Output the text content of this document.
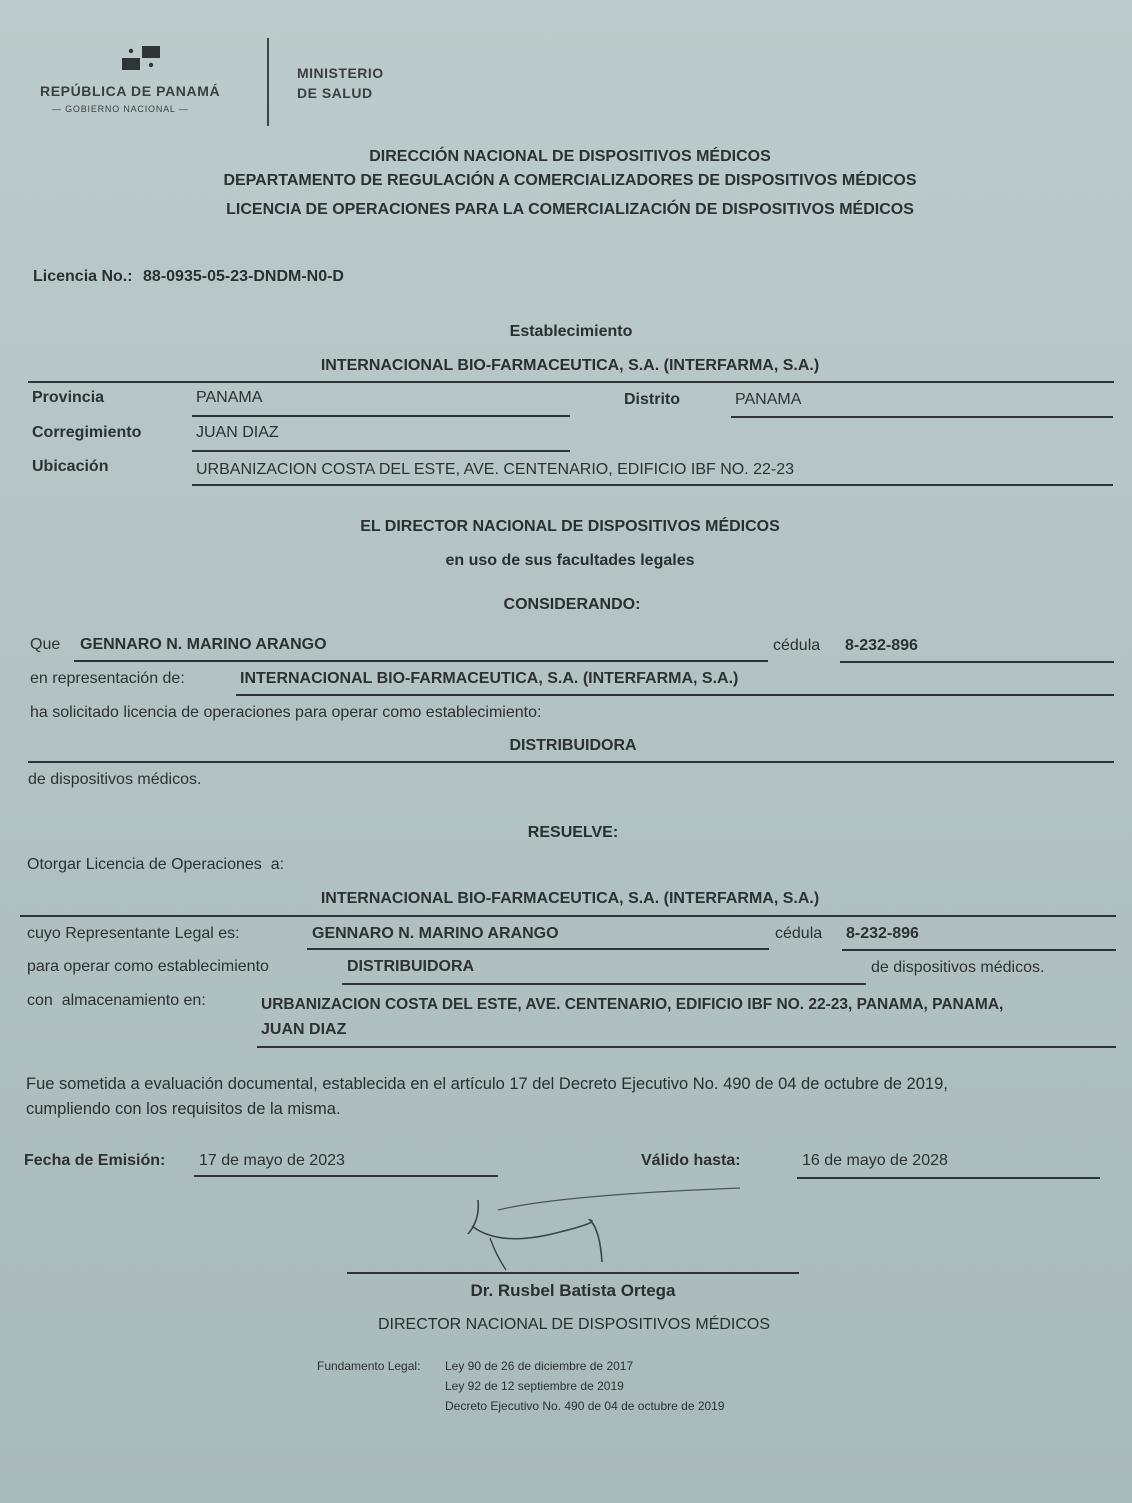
REPÚBLICA DE PANAMÁ
— GOBIERNO NACIONAL —
MINISTERIO
DE SALUD
DIRECCIÓN NACIONAL DE DISPOSITIVOS MÉDICOS
DEPARTAMENTO DE REGULACIÓN A COMERCIALIZADORES DE DISPOSITIVOS MÉDICOS
LICENCIA DE OPERACIONES PARA LA COMERCIALIZACIÓN DE DISPOSITIVOS MÉDICOS
Licencia No.: 88-0935-05-23-DNDM-N0-D
Establecimiento
INTERNACIONAL BIO-FARMACEUTICA, S.A. (INTERFARMA, S.A.)
Provincia	PANAMA	Distrito	PANAMA
Corregimiento	JUAN DIAZ
Ubicación	URBANIZACION COSTA DEL ESTE, AVE. CENTENARIO, EDIFICIO IBF NO. 22-23
EL DIRECTOR NACIONAL DE DISPOSITIVOS MÉDICOS
en uso de sus facultades legales
CONSIDERANDO:
Que GENNARO N. MARINO ARANGO	cédula 8-232-896
en representación de:	INTERNACIONAL BIO-FARMACEUTICA, S.A. (INTERFARMA, S.A.)
ha solicitado licencia de operaciones para operar como establecimiento:
DISTRIBUIDORA
de dispositivos médicos.
RESUELVE:
Otorgar Licencia de Operaciones  a:
INTERNACIONAL BIO-FARMACEUTICA, S.A. (INTERFARMA, S.A.)
cuyo Representante Legal es:	GENNARO N. MARINO ARANGO	cédula 8-232-896
para operar como establecimiento	DISTRIBUIDORA	de dispositivos médicos.
con  almacenamiento en:	URBANIZACION COSTA DEL ESTE, AVE. CENTENARIO, EDIFICIO IBF NO. 22-23, PANAMA, PANAMA,
JUAN DIAZ
Fue sometida a evaluación documental, establecida en el artículo 17 del Decreto Ejecutivo No. 490 de 04 de octubre de 2019,
cumpliendo con los requisitos de la misma.
Fecha de Emisión: 17 de mayo de 2023	Válido hasta:	16 de mayo de 2028
Dr. Rusbel Batista Ortega
DIRECTOR NACIONAL DE DISPOSITIVOS MÉDICOS
Fundamento Legal: Ley 90 de 26 de diciembre de 2017
Ley 92 de 12 septiembre de 2019
Decreto Ejecutivo No. 490 de 04 de octubre de 2019
